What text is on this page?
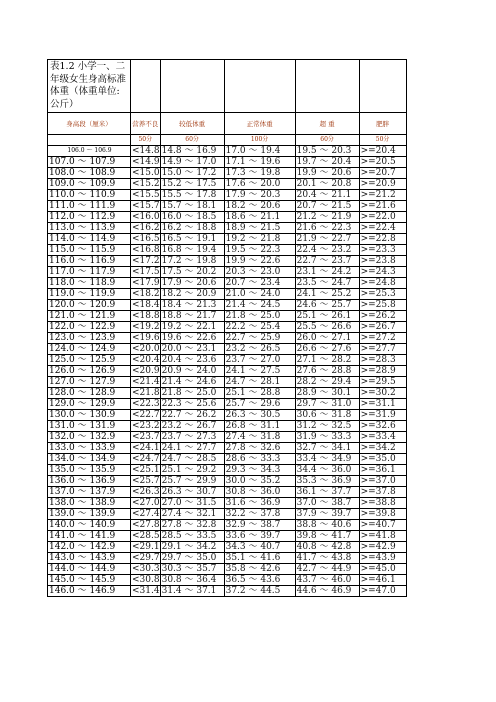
表1.2 小学一、二年级女生身高标准体重（体重单位:公斤）					
身高段（厘米）	营养不良	较低体重	正常体重	超 重	肥胖
	50分	60分	100分	60分	50分
106.0 ～ 106.9	<14.8	14.8 ～ 16.9	17.0 ～ 19.4	19.5 ～ 20.3	>=20.4
107.0 ～ 107.9	<14.9	14.9 ～ 17.0	17.1 ～ 19.6	19.7 ～ 20.4	>=20.5
108.0 ～ 108.9	<15.0	15.0 ～ 17.2	17.3 ～ 19.8	19.9 ～ 20.6	>=20.7
109.0 ～ 109.9	<15.2	15.2 ～ 17.5	17.6 ～ 20.0	20.1 ～ 20.8	>=20.9
110.0 ～ 110.9	<15.5	15.5 ～ 17.8	17.9 ～ 20.3	20.4 ～ 21.1	>=21.2
111.0 ～ 111.9	<15.7	15.7 ～ 18.1	18.2 ～ 20.6	20.7 ～ 21.5	>=21.6
112.0 ～ 112.9	<16.0	16.0 ～ 18.5	18.6 ～ 21.1	21.2 ～ 21.9	>=22.0
113.0 ～ 113.9	<16.2	16.2 ～ 18.8	18.9 ～ 21.5	21.6 ～ 22.3	>=22.4
114.0 ～ 114.9	<16.5	16.5 ～ 19.1	19.2 ～ 21.8	21.9 ～ 22.7	>=22.8
115.0 ～ 115.9	<16.8	16.8 ～ 19.4	19.5 ～ 22.3	22.4 ～ 23.2	>=23.3
116.0 ～ 116.9	<17.2	17.2 ～ 19.8	19.9 ～ 22.6	22.7 ～ 23.7	>=23.8
117.0 ～ 117.9	<17.5	17.5 ～ 20.2	20.3 ～ 23.0	23.1 ～ 24.2	>=24.3
118.0 ～ 118.9	<17.9	17.9 ～ 20.6	20.7 ～ 23.4	23.5 ～ 24.7	>=24.8
119.0 ～ 119.9	<18.2	18.2 ～ 20.9	21.0 ～ 24.0	24.1 ～ 25.2	>=25.3
120.0 ～ 120.9	<18.4	18.4 ～ 21.3	21.4 ～ 24.5	24.6 ～ 25.7	>=25.8
121.0 ～ 121.9	<18.8	18.8 ～ 21.7	21.8 ～ 25.0	25.1 ～ 26.1	>=26.2
122.0 ～ 122.9	<19.2	19.2 ～ 22.1	22.2 ～ 25.4	25.5 ～ 26.6	>=26.7
123.0 ～ 123.9	<19.6	19.6 ～ 22.6	22.7 ～ 25.9	26.0 ～ 27.1	>=27.2
124.0 ～ 124.9	<20.0	20.0 ～ 23.1	23.2 ～ 26.5	26.6 ～ 27.6	>=27.7
125.0 ～ 125.9	<20.4	20.4 ～ 23.6	23.7 ～ 27.0	27.1 ～ 28.2	>=28.3
126.0 ～ 126.9	<20.9	20.9 ～ 24.0	24.1 ～ 27.5	27.6 ～ 28.8	>=28.9
127.0 ～ 127.9	<21.4	21.4 ～ 24.6	24.7 ～ 28.1	28.2 ～ 29.4	>=29.5
128.0 ～ 128.9	<21.8	21.8 ～ 25.0	25.1 ～ 28.8	28.9 ～ 30.1	>=30.2
129.0 ～ 129.9	<22.3	22.3 ～ 25.6	25.7 ～ 29.6	29.7 ～ 31.0	>=31.1
130.0 ～ 130.9	<22.7	22.7 ～ 26.2	26.3 ～ 30.5	30.6 ～ 31.8	>=31.9
131.0 ～ 131.9	<23.2	23.2 ～ 26.7	26.8 ～ 31.1	31.2 ～ 32.5	>=32.6
132.0 ～ 132.9	<23.7	23.7 ～ 27.3	27.4 ～ 31.8	31.9 ～ 33.3	>=33.4
133.0 ～ 133.9	<24.1	24.1 ～ 27.7	27.8 ～ 32.6	32.7 ～ 34.1	>=34.2
134.0 ～ 134.9	<24.7	24.7 ～ 28.5	28.6 ～ 33.3	33.4 ～ 34.9	>=35.0
135.0 ～ 135.9	<25.1	25.1 ～ 29.2	29.3 ～ 34.3	34.4 ～ 36.0	>=36.1
136.0 ～ 136.9	<25.7	25.7 ～ 29.9	30.0 ～ 35.2	35.3 ～ 36.9	>=37.0
137.0 ～ 137.9	<26.3	26.3 ～ 30.7	30.8 ～ 36.0	36.1 ～ 37.7	>=37.8
138.0 ～ 138.9	<27.0	27.0 ～ 31.5	31.6 ～ 36.9	37.0 ～ 38.7	>=38.8
139.0 ～ 139.9	<27.4	27.4 ～ 32.1	32.2 ～ 37.8	37.9 ～ 39.7	>=39.8
140.0 ～ 140.9	<27.8	27.8 ～ 32.8	32.9 ～ 38.7	38.8 ～ 40.6	>=40.7
141.0 ～ 141.9	<28.5	28.5 ～ 33.5	33.6 ～ 39.7	39.8 ～ 41.7	>=41.8
142.0 ～ 142.9	<29.1	29.1 ～ 34.2	34.3 ～ 40.7	40.8 ～ 42.8	>=42.9
143.0 ～ 143.9	<29.7	29.7 ～ 35.0	35.1 ～ 41.6	41.7 ～ 43.8	>=43.9
144.0 ～ 144.9	<30.3	30.3 ～ 35.7	35.8 ～ 42.6	42.7 ～ 44.9	>=45.0
145.0 ～ 145.9	<30.8	30.8 ～ 36.4	36.5 ～ 43.6	43.7 ～ 46.0	>=46.1
146.0 ～ 146.9	<31.4	31.4 ～ 37.1	37.2 ～ 44.5	44.6 ～ 46.9	>=47.0
